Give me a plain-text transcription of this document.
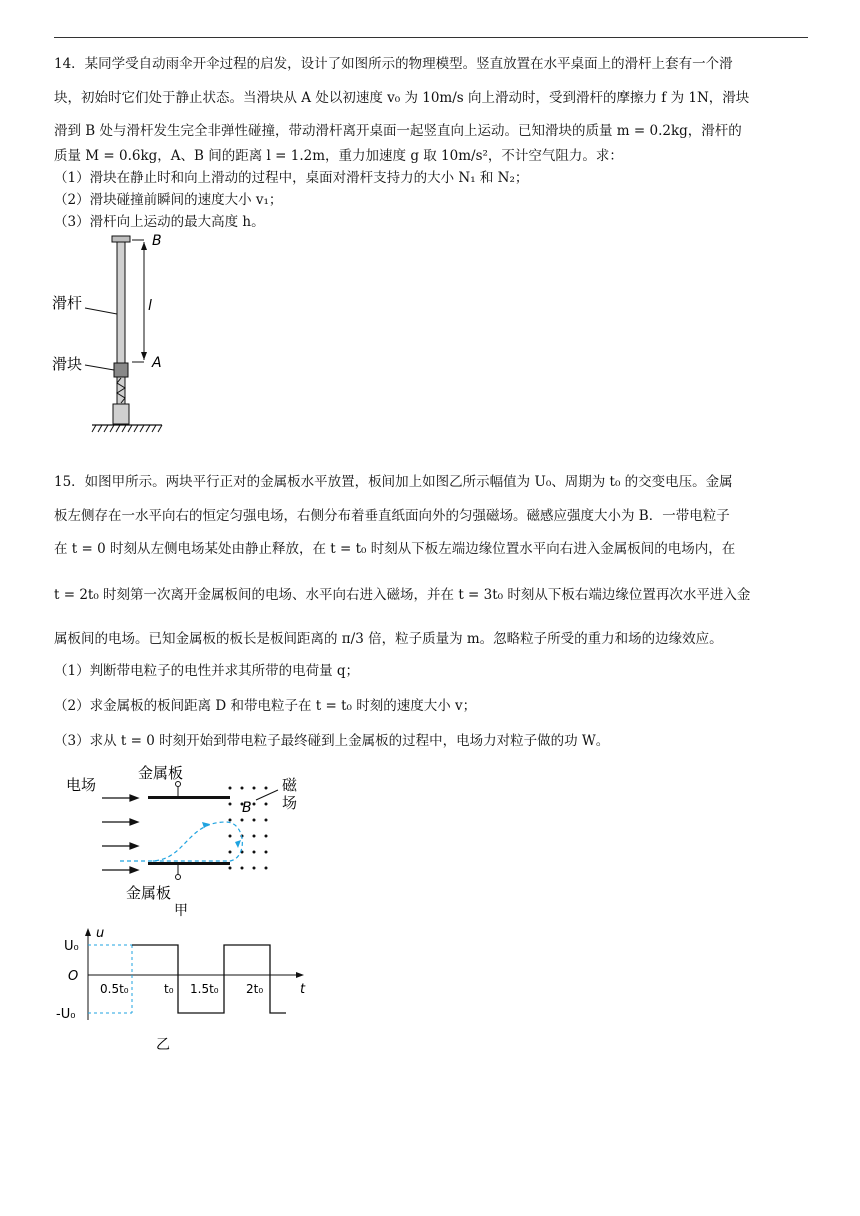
14．某同学受自动雨伞开伞过程的启发，设计了如图所示的物理模型。竖直放置在水平桌面上的滑杆上套有一个滑
块，初始时它们处于静止状态。当滑块从 A 处以初速度 v₀ 为 10m/s 向上滑动时，受到滑杆的摩擦力 f 为 1N，滑块
滑到 B 处与滑杆发生完全非弹性碰撞，带动滑杆离开桌面一起竖直向上运动。已知滑块的质量 m = 0.2kg，滑杆的
质量 M = 0.6kg，A、B 间的距离 l = 1.2m，重力加速度 g 取 10m/s²，不计空气阻力。求：
（1）滑块在静止时和向上滑动的过程中，桌面对滑杆支持力的大小 N₁ 和 N₂；
（2）滑块碰撞前瞬间的速度大小 v₁；
（3）滑杆向上运动的最大高度 h。
B
l
A
滑杆
滑块
15．如图甲所示。两块平行正对的金属板水平放置，板间加上如图乙所示幅值为 U₀、周期为 t₀ 的交变电压。金属
板左侧存在一水平向右的恒定匀强电场，右侧分布着垂直纸面向外的匀强磁场。磁感应强度大小为 B．一带电粒子
在 t = 0 时刻从左侧电场某处由静止释放，在 t = t₀ 时刻从下板左端边缘位置水平向右进入金属板间的电场内，在
t = 2t₀ 时刻第一次离开金属板间的电场、水平向右进入磁场，并在 t = 3t₀ 时刻从下板右端边缘位置再次水平进入金
属板间的电场。已知金属板的板长是板间距离的 π/3 倍，粒子质量为 m。忽略粒子所受的重力和场的边缘效应。
（1）判断带电粒子的电性并求其所带的电荷量 q；
（2）求金属板的板间距离 D 和带电粒子在 t = t₀ 时刻的速度大小 v；
（3）求从 t = 0 时刻开始到带电粒子最终碰到上金属板的过程中，电场力对粒子做的功 W。
电场
金属板
金属板
B
磁
场
甲
u
t
O
U₀
-U₀
0.5t₀	t₀ 1.5t₀ 2t₀
乙
